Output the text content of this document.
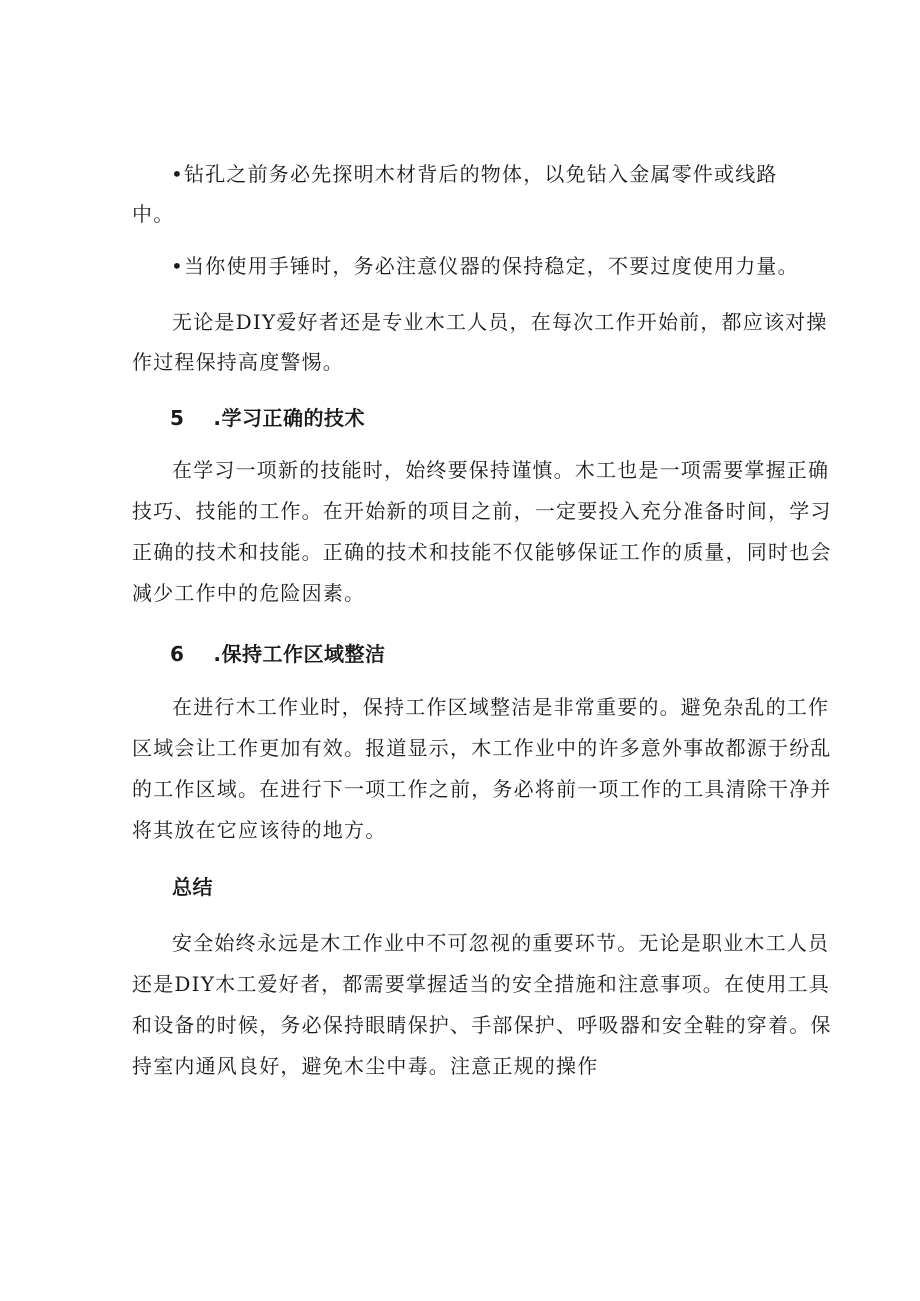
•钻孔之前务必先探明木材背后的物体，以免钻入金属零件或线路
中。
•当你使用手锤时，务必注意仪器的保持稳定，不要过度使用力量。
无论是DIY爱好者还是专业木工人员，在每次工作开始前，都应该对操
作过程保持高度警惕。
5 .学习正确的技术
在学习一项新的技能时，始终要保持谨慎。木工也是一项需要掌握正确
技巧、技能的工作。在开始新的项目之前，一定要投入充分准备时间，学习
正确的技术和技能。正确的技术和技能不仅能够保证工作的质量，同时也会
减少工作中的危险因素。
6 .保持工作区域整洁
在进行木工作业时，保持工作区域整洁是非常重要的。避免杂乱的工作
区域会让工作更加有效。报道显示，木工作业中的许多意外事故都源于纷乱
的工作区域。在进行下一项工作之前，务必将前一项工作的工具清除干净并
将其放在它应该待的地方。
总结
安全始终永远是木工作业中不可忽视的重要环节。无论是职业木工人员
还是DIY木工爱好者，都需要掌握适当的安全措施和注意事项。在使用工具
和设备的时候，务必保持眼睛保护、手部保护、呼吸器和安全鞋的穿着。保
持室内通风良好，避免木尘中毒。注意正规的操作
